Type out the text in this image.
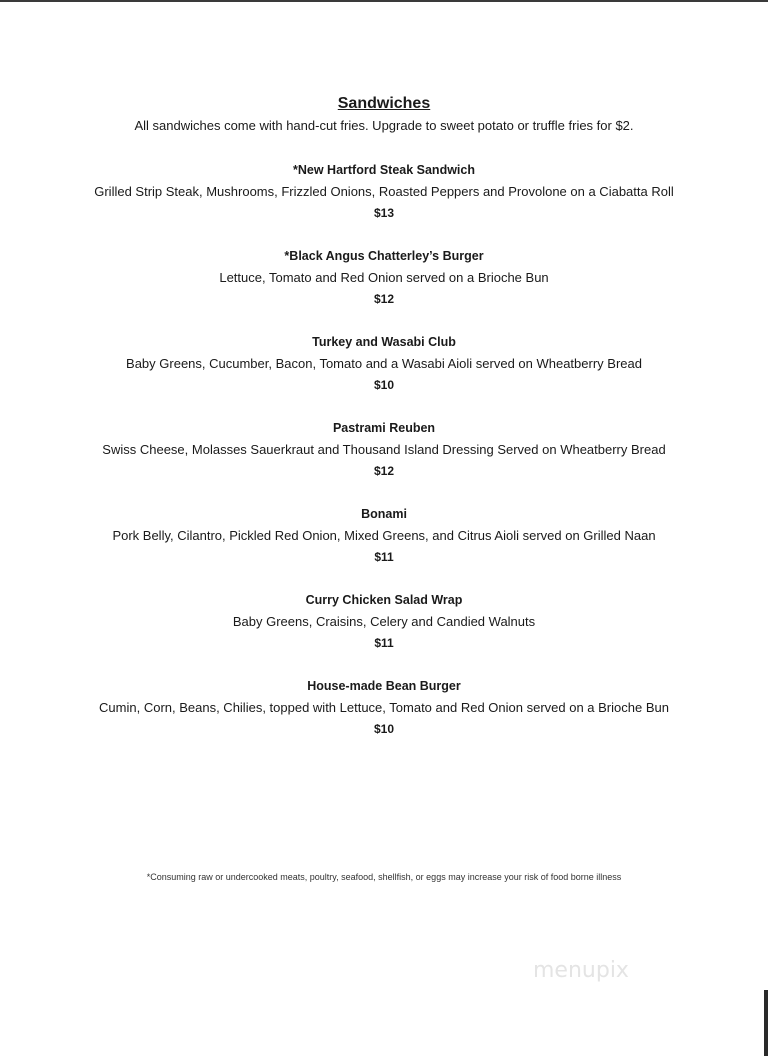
Sandwiches

All sandwiches come with hand-cut fries. Upgrade to sweet potato or truffle fries for $2.

*New Hartford Steak Sandwich
Grilled Strip Steak, Mushrooms, Frizzled Onions, Roasted Peppers and Provolone on a Ciabatta Roll
$13
*Black Angus Chatterley’s Burger
Lettuce, Tomato and Red Onion served on a Brioche Bun
$12
Turkey and Wasabi Club
Baby Greens, Cucumber, Bacon, Tomato and a Wasabi Aioli served on Wheatberry Bread
$10
Pastrami Reuben
Swiss Cheese, Molasses Sauerkraut and Thousand Island Dressing Served on Wheatberry Bread
$12
Bonami
Pork Belly, Cilantro, Pickled Red Onion, Mixed Greens, and Citrus Aioli served on Grilled Naan
$11
Curry Chicken Salad Wrap
Baby Greens, Craisins, Celery and Candied Walnuts
$11
House-made Bean Burger
Cumin, Corn, Beans, Chilies, topped with Lettuce, Tomato and Red Onion served on a Brioche Bun
$10
*Consuming raw or undercooked meats, poultry, seafood, shellfish, or eggs may increase your risk of food borne illness
menupix
